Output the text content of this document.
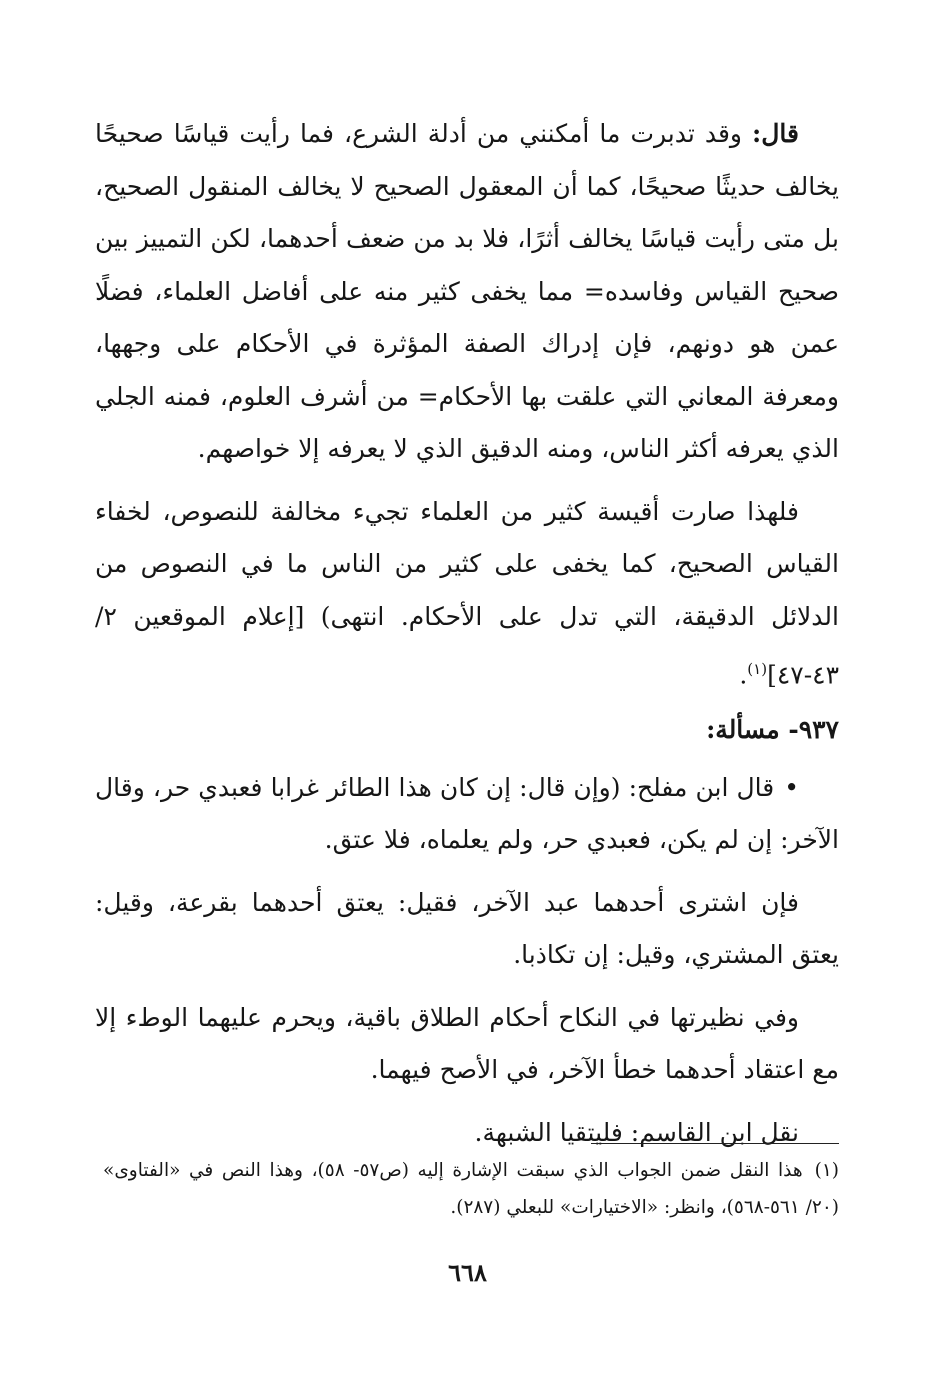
قال: وقد تدبرت ما أمكنني من أدلة الشرع، فما رأيت قياسًا صحيحًا يخالف حديثًا صحيحًا، كما أن المعقول الصحيح لا يخالف المنقول الصحيح، بل متى رأيت قياسًا يخالف أثرًا، فلا بد من ضعف أحدهما، لكن التمييز بين صحيح القياس وفاسده= مما يخفى كثير منه على أفاضل العلماء، فضلًا عمن هو دونهم، فإن إدراك الصفة المؤثرة في الأحكام على وجهها، ومعرفة المعاني التي علقت بها الأحكام= من أشرف العلوم، فمنه الجلي الذي يعرفه أكثر الناس، ومنه الدقيق الذي لا يعرفه إلا خواصهم.

فلهذا صارت أقيسة كثير من العلماء تجيء مخالفة للنصوص، لخفاء القياس الصحيح، كما يخفى على كثير من الناس ما في النصوص من الدلائل الدقيقة، التي تدل على الأحكام. انتهى) [إعلام الموقعين ٢/ ٤٣-٤٧]$^{(١)}$.

٩٣٧- مسألة:

•قال ابن مفلح: (وإن قال: إن كان هذا الطائر غرابا فعبدي حر، وقال الآخر: إن لم يكن، فعبدي حر، ولم يعلماه، فلا عتق.

فإن اشترى أحدهما عبد الآخر، فقيل: يعتق أحدهما بقرعة، وقيل: يعتق المشتري، وقيل: إن تكاذبا.

وفي نظيرتها في النكاح أحكام الطلاق باقية، ويحرم عليهما الوطء إلا مع اعتقاد أحدهما خطأ الآخر، في الأصح فيهما.

نقل ابن القاسم: فليتقيا الشبهة.

(١)هذا النقل ضمن الجواب الذي سبقت الإشارة إليه (ص٥٧- ٥٨)، وهذا النص في «الفتاوى» (٢٠/ ٥٦١-٥٦٨)، وانظر: «الاختيارات» للبعلي (٢٨٧).
٦٦٨
